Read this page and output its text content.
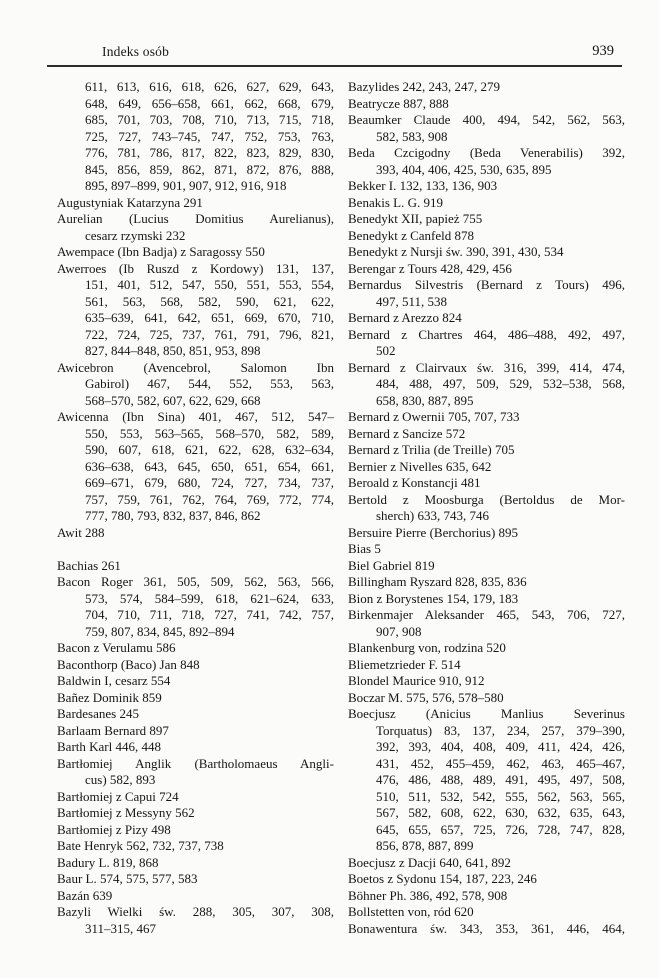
Indeks osób	939
611, 613, 616, 618, 626, 627, 629, 643,
648, 649, 656–658, 661, 662, 668, 679,
685, 701, 703, 708, 710, 713, 715, 718,
725, 727, 743–745, 747, 752, 753, 763,
776, 781, 786, 817, 822, 823, 829, 830,
845, 856, 859, 862, 871, 872, 876, 888,
895, 897–899, 901, 907, 912, 916, 918
Augustyniak Katarzyna 291
Aurelian (Lucius Domitius Aurelianus),
cesarz rzymski 232
Awempace (Ibn Badja) z Saragossy 550
Awerroes (Ib Ruszd z Kordowy) 131, 137,
151, 401, 512, 547, 550, 551, 553, 554,
561, 563, 568, 582, 590, 621, 622,
635–639, 641, 642, 651, 669, 670, 710,
722, 724, 725, 737, 761, 791, 796, 821,
827, 844–848, 850, 851, 953, 898
Awicebron (Avencebrol, Salomon Ibn
Gabirol) 467, 544, 552, 553, 563,
568–570, 582, 607, 622, 629, 668
Awicenna (Ibn Sina) 401, 467, 512, 547–
550, 553, 563–565, 568–570, 582, 589,
590, 607, 618, 621, 622, 628, 632–634,
636–638, 643, 645, 650, 651, 654, 661,
669–671, 679, 680, 724, 727, 734, 737,
757, 759, 761, 762, 764, 769, 772, 774,
777, 780, 793, 832, 837, 846, 862
Awit 288
Bachias 261
Bacon Roger 361, 505, 509, 562, 563, 566,
573, 574, 584–599, 618, 621–624, 633,
704, 710, 711, 718, 727, 741, 742, 757,
759, 807, 834, 845, 892–894
Bacon z Verulamu 586
Baconthorp (Baco) Jan 848
Baldwin I, cesarz 554
Bañez Dominik 859
Bardesanes 245
Barlaam Bernard 897
Barth Karl 446, 448
Bartłomiej Anglik (Bartholomaeus Angli-
cus) 582, 893
Bartłomiej z Capui 724
Bartłomiej z Messyny 562
Bartłomiej z Pizy 498
Bate Henryk 562, 732, 737, 738
Badury L. 819, 868
Baur L. 574, 575, 577, 583
Bazán 639
Bazyli Wielki św. 288, 305, 307, 308,
311–315, 467
Bazylides 242, 243, 247, 279
Beatrycze 887, 888
Beaumker Claude 400, 494, 542, 562, 563,
582, 583, 908
Beda Czcigodny (Beda Venerabilis) 392,
393, 404, 406, 425, 530, 635, 895
Bekker I. 132, 133, 136, 903
Benakis L. G. 919
Benedykt XII, papież 755
Benedykt z Canfeld 878
Benedykt z Nursji św. 390, 391, 430, 534
Berengar z Tours 428, 429, 456
Bernardus Silvestris (Bernard z Tours) 496,
497, 511, 538
Bernard z Arezzo 824
Bernard z Chartres 464, 486–488, 492, 497,
502
Bernard z Clairvaux św. 316, 399, 414, 474,
484, 488, 497, 509, 529, 532–538, 568,
658, 830, 887, 895
Bernard z Owernii 705, 707, 733
Bernard z Sancize 572
Bernard z Trilia (de Treille) 705
Bernier z Nivelles 635, 642
Beroald z Konstancji 481
Bertold z Moosburga (Bertoldus de Mor-
sherch) 633, 743, 746
Bersuire Pierre (Berchorius) 895
Bias 5
Biel Gabriel 819
Billingham Ryszard 828, 835, 836
Bion z Borystenes 154, 179, 183
Birkenmajer Aleksander 465, 543, 706, 727,
907, 908
Blankenburg von, rodzina 520
Bliemetzrieder F. 514
Blondel Maurice 910, 912
Boczar M. 575, 576, 578–580
Boecjusz (Anicius Manlius Severinus
Torquatus) 83, 137, 234, 257, 379–390,
392, 393, 404, 408, 409, 411, 424, 426,
431, 452, 455–459, 462, 463, 465–467,
476, 486, 488, 489, 491, 495, 497, 508,
510, 511, 532, 542, 555, 562, 563, 565,
567, 582, 608, 622, 630, 632, 635, 643,
645, 655, 657, 725, 726, 728, 747, 828,
856, 878, 887, 899
Boecjusz z Dacji 640, 641, 892
Boetos z Sydonu 154, 187, 223, 246
Böhner Ph. 386, 492, 578, 908
Bollstetten von, ród 620
Bonawentura św. 343, 353, 361, 446, 464,
